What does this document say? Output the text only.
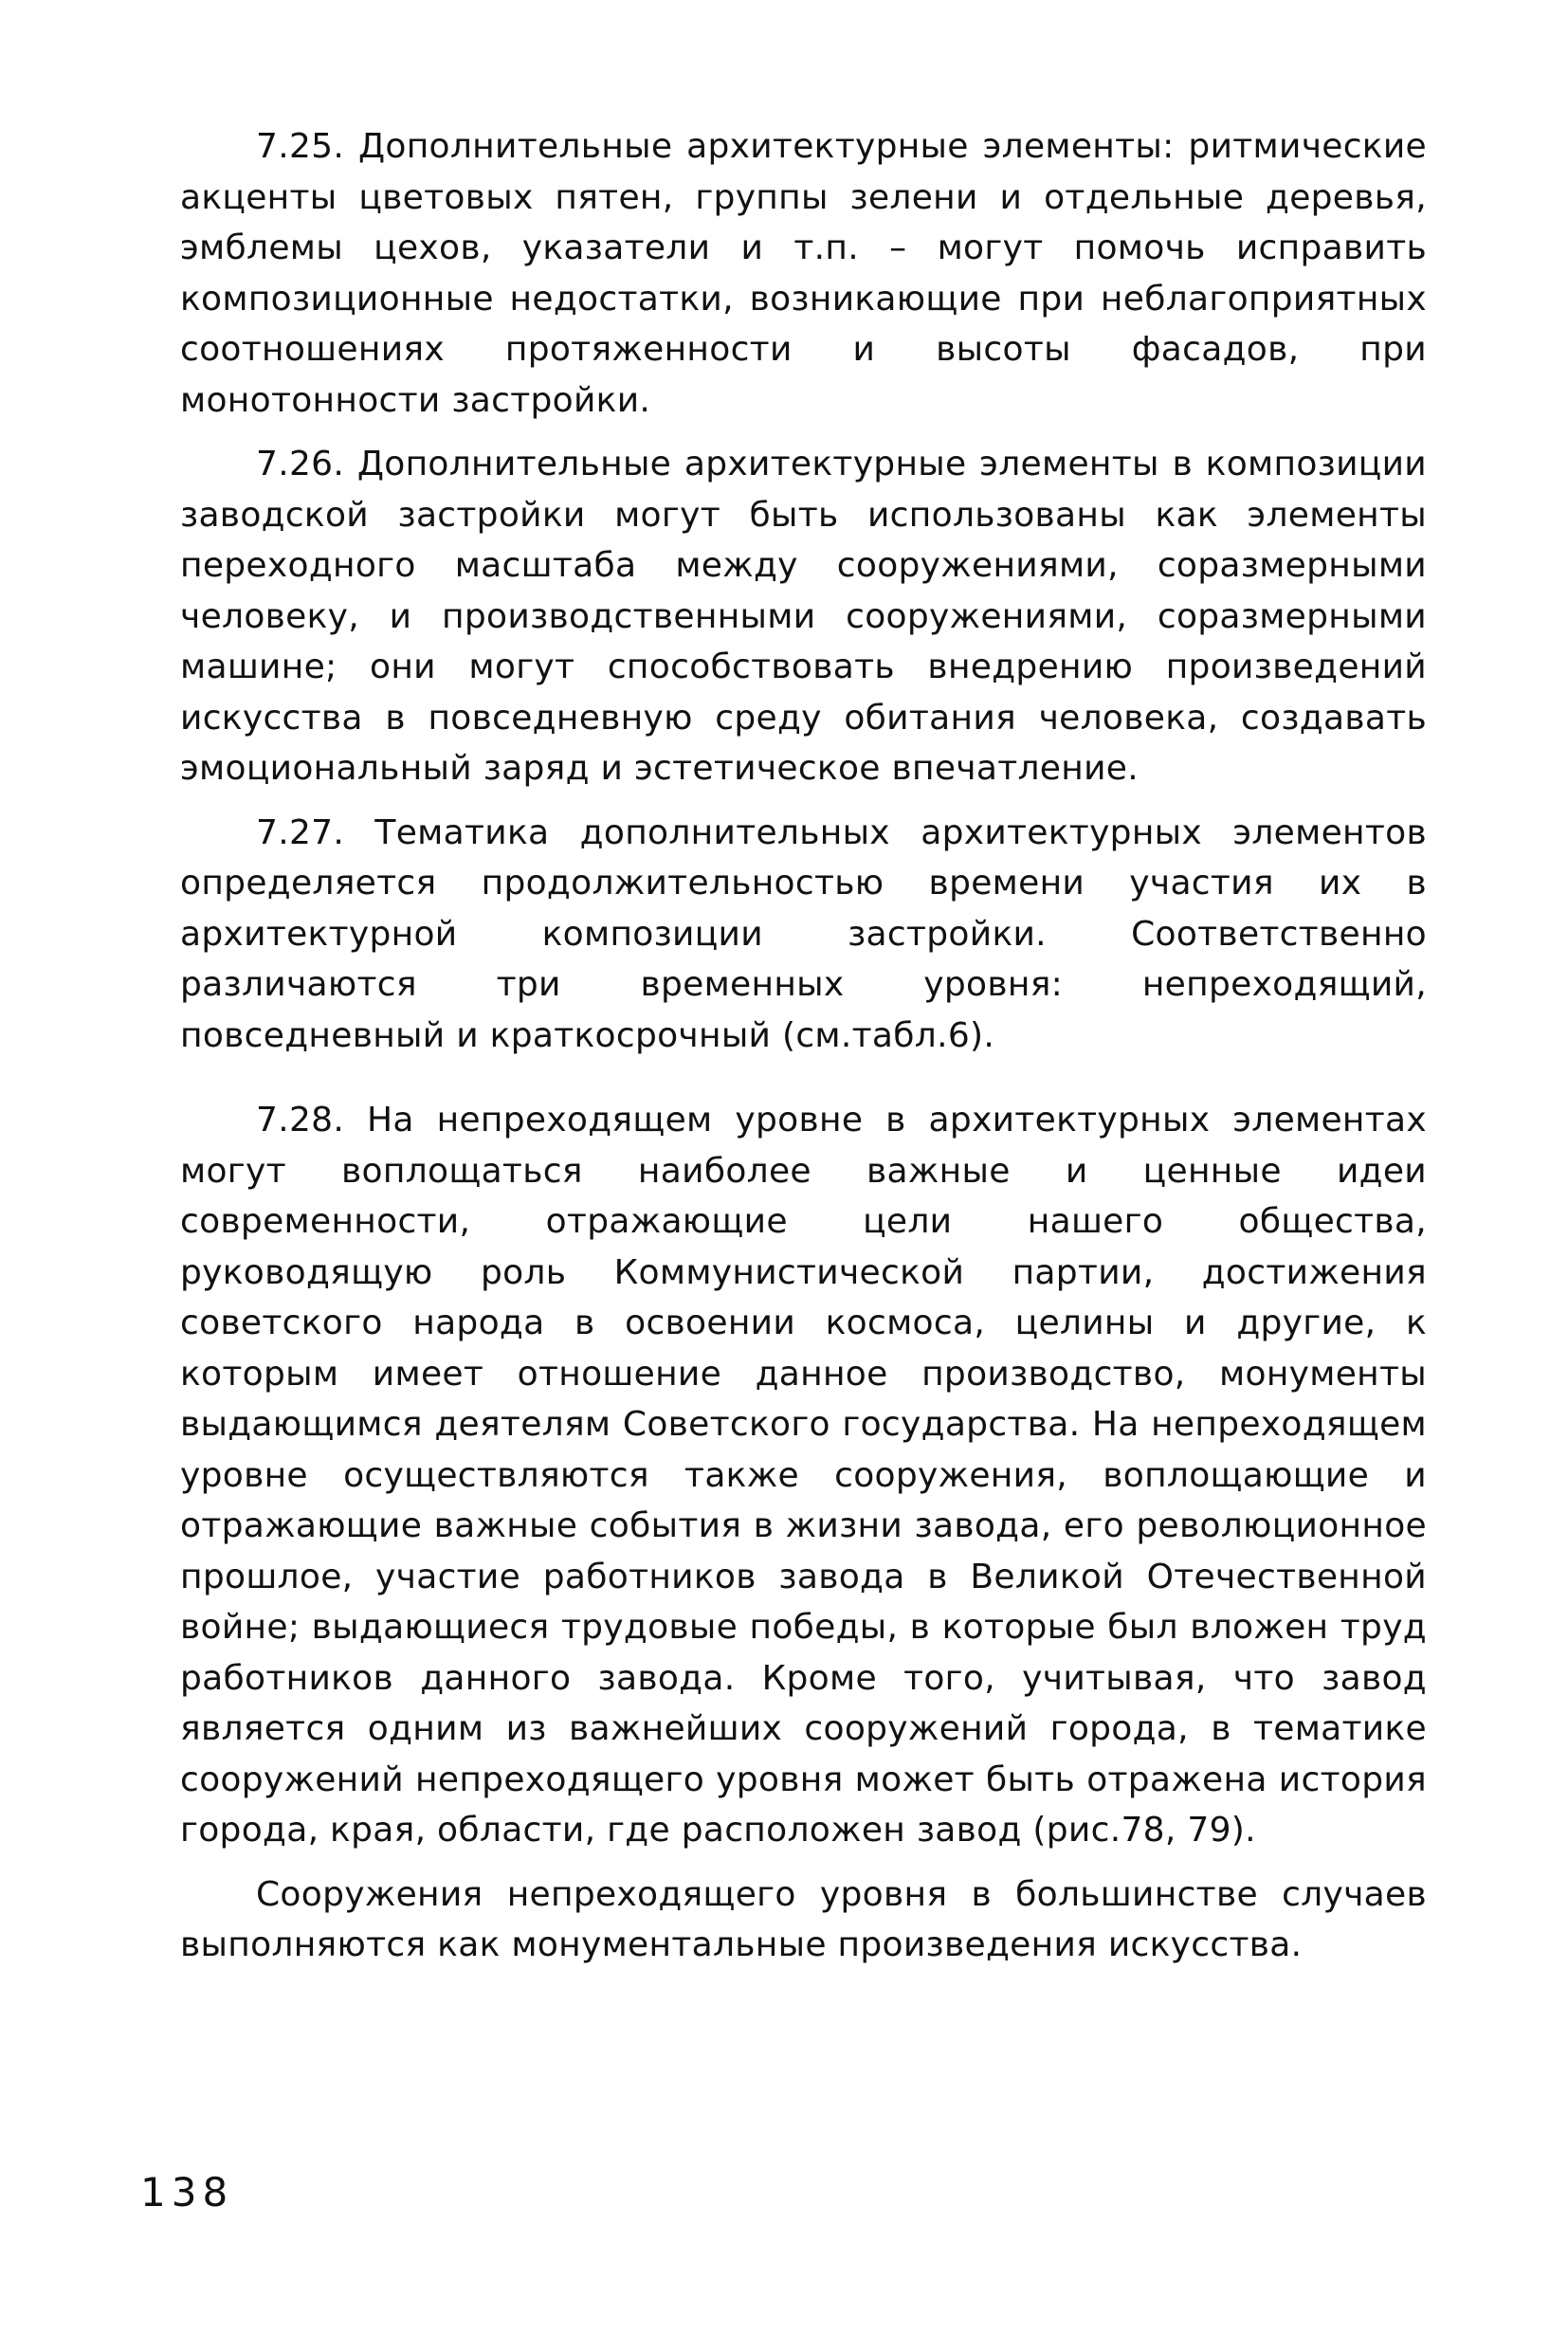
7.25. Дополнительные архитектурные элементы: ритмические акценты цветовых пятен, группы зелени и отдельные деревья, эмблемы цехов, указатели и т.п. – могут помочь исправить композиционные недостатки, возникающие при неблагоприятных соотношениях протяженности и высоты фасадов, при монотонности застройки.

7.26. Дополнительные архитектурные элементы в композиции заводской застройки могут быть использованы как элементы переходного масштаба между сооружениями, соразмерными человеку, и производственными сооружениями, соразмерными машине; они могут способствовать внедрению произведений искусства в повседневную среду обитания человека, создавать эмоциональный заряд и эстетическое впечатление.

7.27. Тематика дополнительных архитектурных элементов определяется продолжительностью времени участия их в архитектурной композиции застройки. Соответственно различаются три временных уровня: непреходящий, повседневный и краткосрочный (см.табл.6).

7.28. На непреходящем уровне в архитектурных элементах могут воплощаться наиболее важные и ценные идеи современности, отражающие цели нашего общества, руководящую роль Коммунистической партии, достижения советского народа в освоении космоса, целины и другие, к которым имеет отношение данное производство, монументы выдающимся деятелям Советского государства. На непреходящем уровне осуществляются также сооружения, воплощающие и отражающие важные события в жизни завода, его революционное прошлое, участие работников завода в Великой Отечественной войне; выдающиеся трудовые победы, в которые был вложен труд работников данного завода. Кроме того, учитывая, что завод является одним из важнейших сооружений города, в тематике сооружений непреходящего уровня может быть отражена история города, края, области, где расположен завод (рис.78, 79).

Сооружения непреходящего уровня в большинстве случаев выполняются как монументальные произведения искусства.

138
